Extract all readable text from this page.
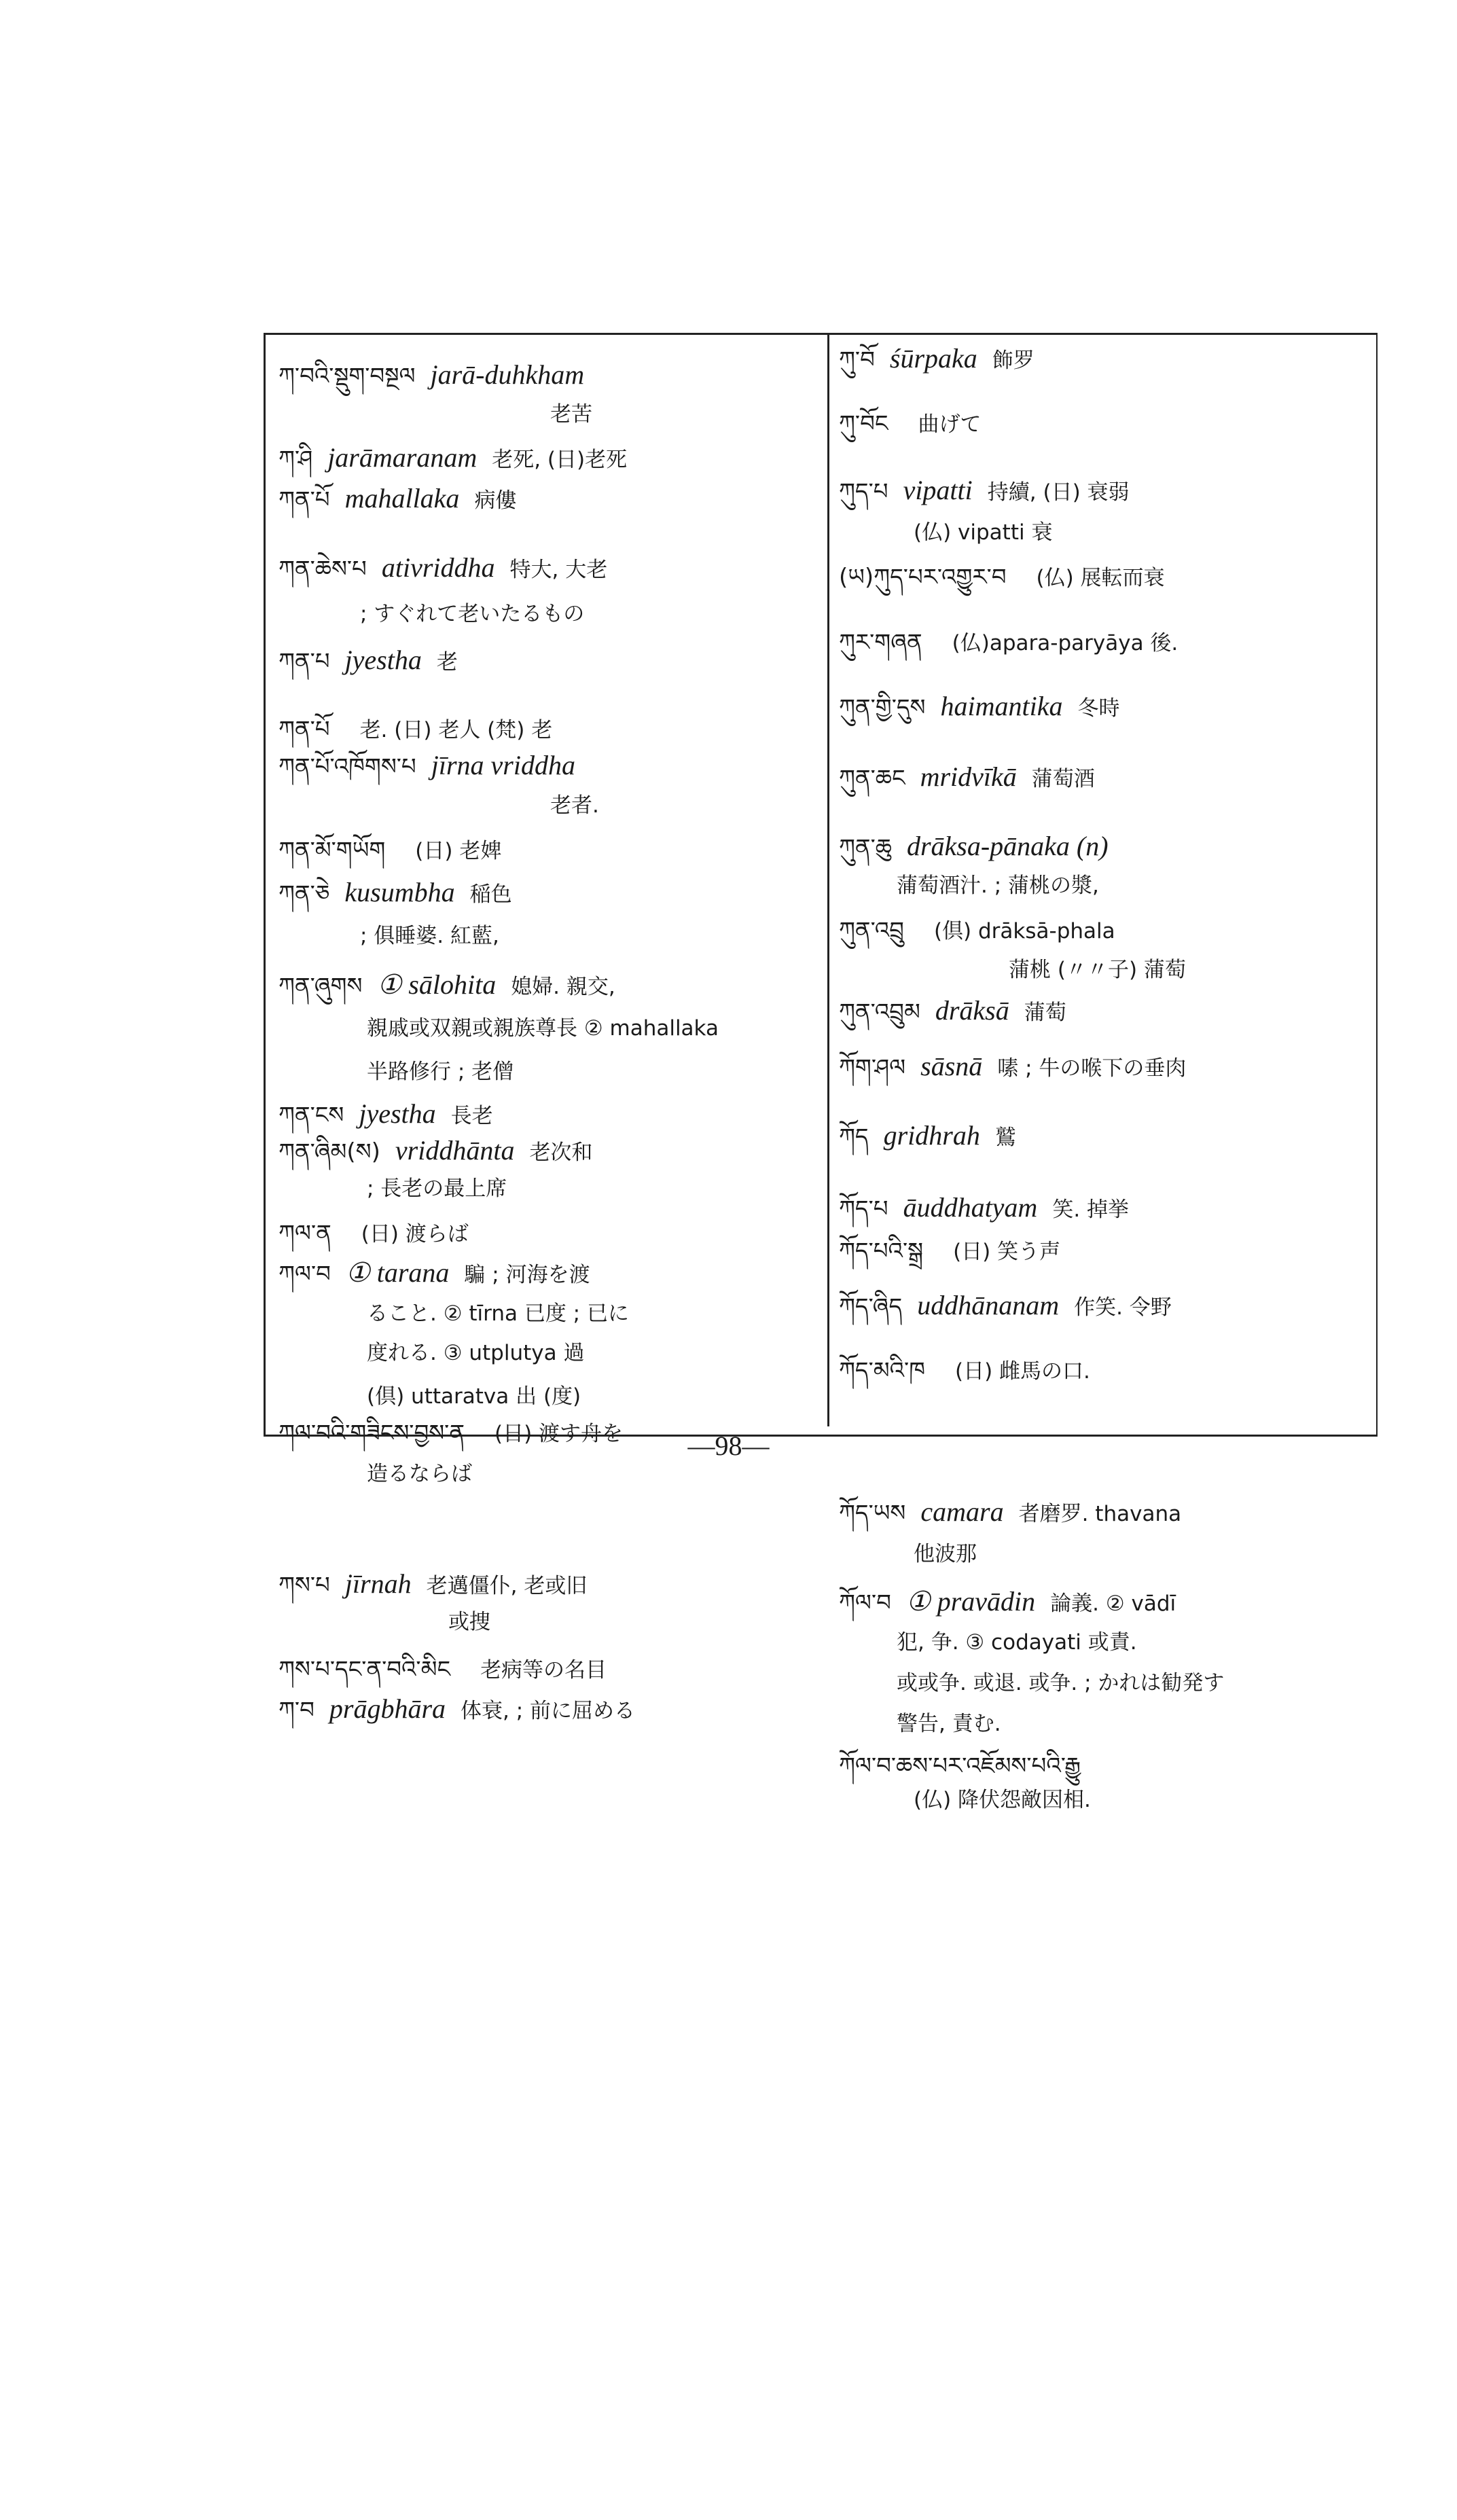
ཀ་བའི་སྡུག་བསྔལ jarā-duhkham
老苦
ཀ་ཤི jarāmaranam 老死, (日)老死
ཀན་པོ mahallaka 病僂
ཀན་ཆེས་པ ativriddha 特大, 大老
; すぐれて老いたるもの
ཀན་པ jyestha 老
ཀན་པོ 老. (日) 老人 (梵) 老
ཀན་པོ་འཁོགས་པ jīrna vriddha
老者.
ཀན་མོ་གཡོག (日) 老婢
ཀན་ཅེ kusumbha 稲色
; 俱睡婆. 紅藍,
ཀན་ཞུགས ① sālohita 媳婦. 親交,
親戚或双親或親族尊長 ② mahallaka
半路修行 ; 老僧
ཀན་ངས jyestha 長老
ཀན་ཞིམ(ས) vriddhānta 老次和
; 長老の最上席
ཀལ་ན (日) 渡らば
ཀལ་བ ① tarana 騙 ; 河海を渡
ること. ② tīrna 已度 ; 已に
度れる. ③ utplutya 過
(倶) uttaratva 出 (度)
ཀལ་བའི་གཟིངས་བྱས་ན (日) 渡す舟を
造るならば
ཀས་པ jīrnah 老邁僵仆, 老或旧
或捜
ཀས་པ་དང་ན་བའི་མིང 老病等の名目
ཀ་བ prāgbhāra 体衰, ; 前に屈める
ཀུ་བོ śūrpaka 飾罗
ཀུ་བོང 曲げて
ཀུད་པ vipatti 持續, (日) 衰弱
(仏) vipatti 衰
(ཡ)ཀུད་པར་འགྱུར་བ (仏) 展転而衰
ཀུར་གཞན (仏)apara-paryāya 後.
ཀུན་གྱི་དུས haimantika 冬時
ཀུན་ཆང mridvīkā 蒲萄酒
ཀུན་ཆུ drāksa-pānaka (n)
蒲萄酒汁. ; 蒲桃の漿,
ཀུན་འབྲུ (倶) drāksā-phala
蒲桃 (〃〃子) 蒲萄
ཀུན་འབྲུམ drāksā 蒲萄
ཀོག་ཤལ sāsnā 嗉 ; 牛の喉下の垂肉
ཀོད gridhrah 鷲
ཀོད་པ āuddhatyam 笑. 掉挙
ཀོད་པའི་སྒྲ (日) 笑う声
ཀོད་ཞིད uddhānanam 作笑. 令野
ཀོད་མའི་ཁ (日) 雌馬の口.
ཀོད་ཡས camara 者磨罗. thavana
他波那
ཀོལ་བ ① pravādin 論義. ② vādī
犯, 争. ③ codayati 或責.
或或争. 或退. 或争. ; かれは勧発す
警告, 責む.
ཀོལ་བ་ཆས་པར་འཇོམས་པའི་རྒྱུ
(仏) 降伏怨敵因相.
—98—
